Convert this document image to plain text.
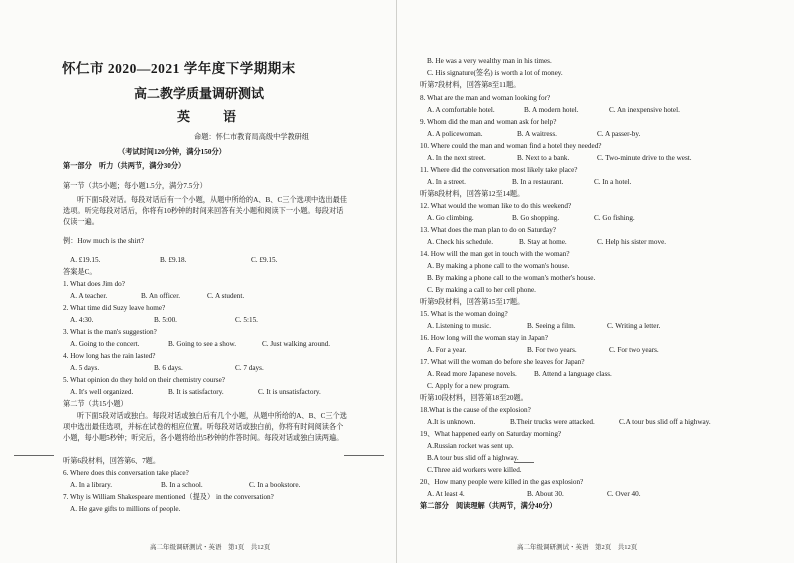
怀仁市 2020—2021 学年度下学期期末
高二教学质量调研测试
英　语
命题：怀仁市教育局高级中学教研组
（考试时间120分钟，满分150分）
第一部分　听力（共两节，满分30分）
第一节（共5小题；每小题1.5分，满分7.5分）
听下面5段对话。每段对话后有一个小题，从题中所给的A、B、C三个选项中选出最佳选项。听完每段对话后，你将有10秒钟的时间来回答有关小题和阅读下一小题。每段对话仅读一遍。
例：How much is the shirt?
A. £19.15.	B. £9.18.	C. £9.15.
答案是C。
1. What does Jim do?
A. A teacher.	B. An officer.	C. A student.
2. What time did Suzy leave home?
A. 4:30.	B. 5:00.	C. 5:15.
3. What is the man's suggestion?
A. Going to the concert.	B. Going to see a show.	C. Just walking around.
4. How long has the rain lasted?
A. 5 days.	B. 6 days.	C. 7 days.
5. What opinion do they hold on their chemistry course?
A. It's well organized.	B. It is satisfactory.	C. It is unsatisfactory.
第二节（共15小题）
听下面5段对话或独白。每段对话或独白后有几个小题，从题中所给的A、B、C三个选项中选出最佳选项，并标在试卷的相应位置。听每段对话或独白前，你将有时间阅读各个小题，每小题5秒钟；听完后，各小题将给出5秒钟的作答时间。每段对话或独白读两遍。
听第6段材料，回答第6、7题。
6. Where does this conversation take place?
A. In a library.	B. In a school.	C. In a bookstore.
7. Why is William Shakespeare mentioned（提及） in the conversation?
A. He gave gifts to millions of people.
高二年级调研测试・英语　第1页　共12页
B. He was a very wealthy man in his times.
C. His signature(签名) is worth a lot of money.
听第7段材料，回答第8至11题。
8. What are the man and woman looking for?
A. A comfortable hotel.	B. A modern hotel.	C. An inexpensive hotel.
9. Whom did the man and woman ask for help?
A. A policewoman.	B. A waitress.	C. A passer-by.
10. Where could the man and woman find a hotel they needed?
A. In the next street.	B. Next to a bank.	C. Two-minute drive to the west.
11. Where did the conversation most likely take place?
A. In a street.	B. In a restaurant.	C. In a hotel.
听第8段材料，回答第12至14题。
12. What would the woman like to do this weekend?
A. Go climbing.	B. Go shopping.	C. Go fishing.
13. What does the man plan to do on Saturday?
A. Check his schedule.	B. Stay at home.	C. Help his sister move.
14. How will the man get in touch with the woman?
A. By making a phone call to the woman's house.
B. By making a phone call to the woman's mother's house.
C. By making a call to her cell phone.
听第9段材料，回答第15至17题。
15. What is the woman doing?
A. Listening to music.	B. Seeing a film.	C. Writing a letter.
16. How long will the woman stay in Japan?
A. For a year.	B. For two years.	C. For two years.
17. What will the woman do before she leaves for Japan?
A. Read more Japanese novels. B. Attend a language class.
C. Apply for a new program.
听第10段材料，回答第18至20题。
18.What is the cause of the explosion?
A.It is unknown.	B.Their trucks were attacked.	C.A tour bus slid off a highway.
19、What happened early on Saturday morning?
A.Russian rocket was sent up.
B.A tour bus slid off a highway.
C.Three aid workers were killed.
20、How many people were killed in the gas explosion?
A. At least 4.	B. About 30.	C. Over 40.
第二部分　阅读理解（共两节，满分40分）
高二年级调研测试・英语　第2页　共12页
